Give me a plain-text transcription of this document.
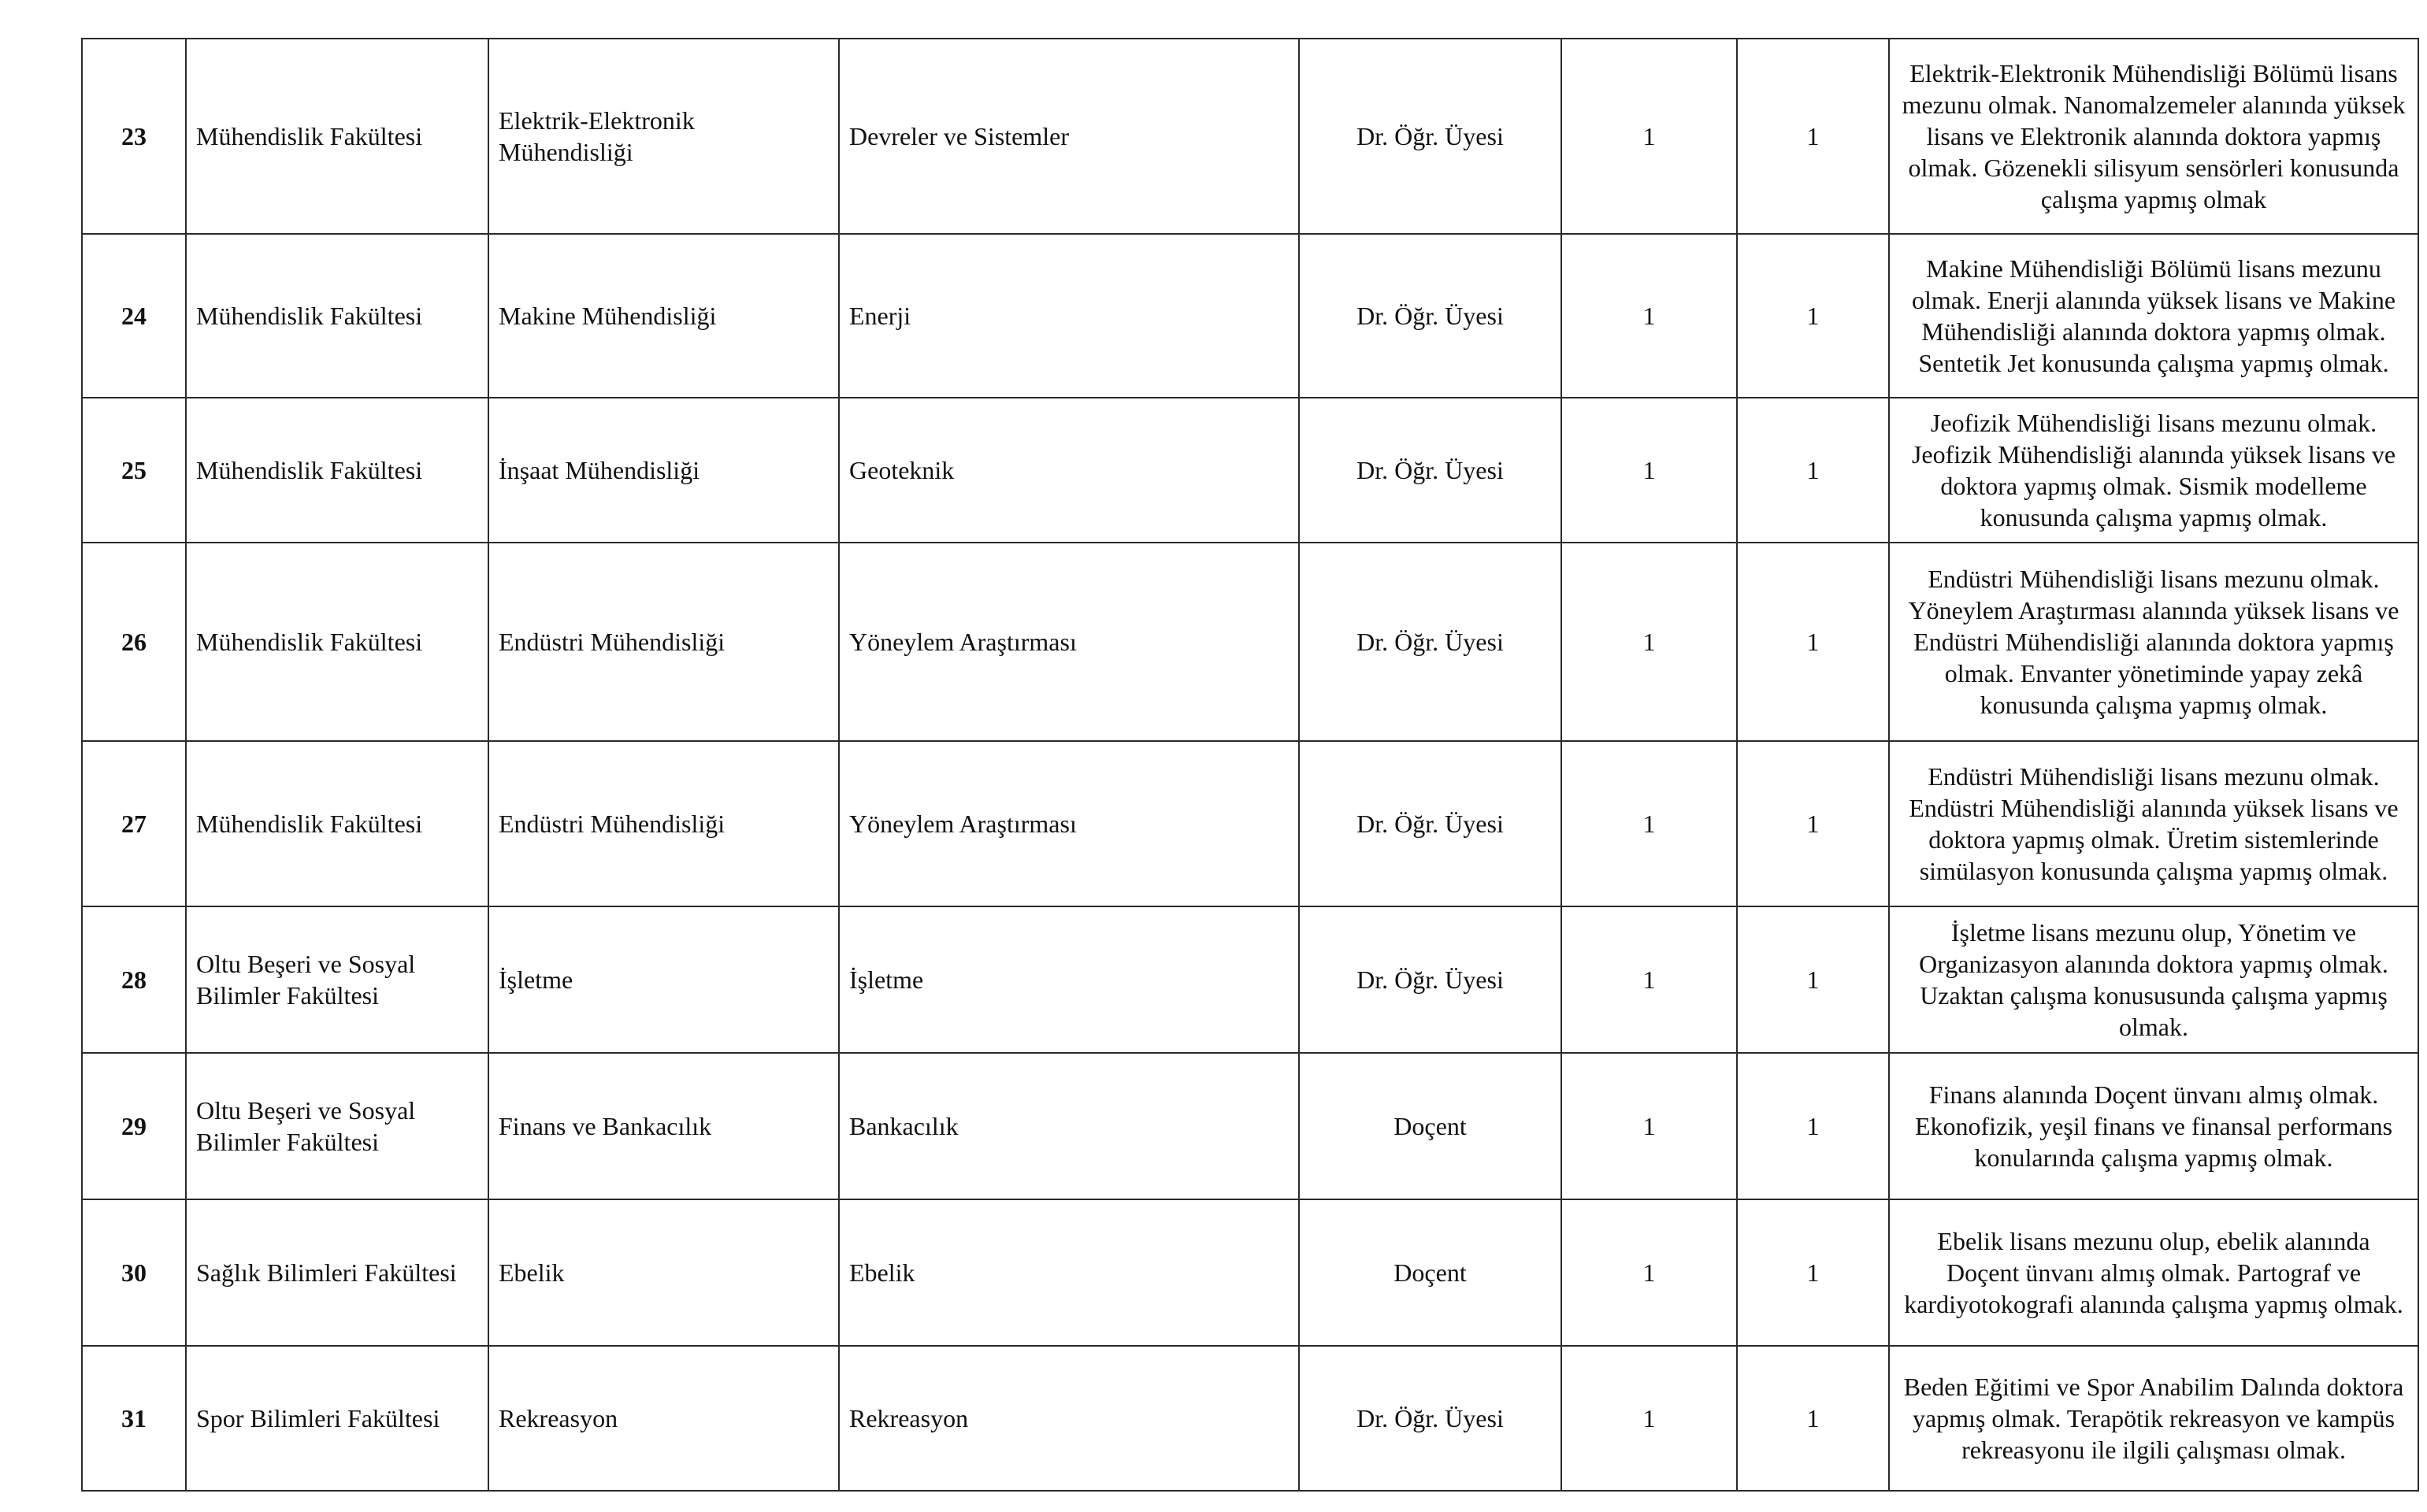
23	Mühendislik Fakültesi	Elektrik-Elektronik Mühendisliği	Devreler ve Sistemler	Dr. Öğr. Üyesi	1	1	Elektrik-Elektronik Mühendisliği Bölümü lisans mezunu olmak. Nanomalzemeler alanında yüksek lisans ve Elektronik alanında doktora yapmış olmak. Gözenekli silisyum sensörleri konusunda çalışma yapmış olmak
24	Mühendislik Fakültesi	Makine Mühendisliği	Enerji	Dr. Öğr. Üyesi	1	1	Makine Mühendisliği Bölümü lisans mezunu olmak. Enerji alanında yüksek lisans ve Makine Mühendisliği alanında doktora yapmış olmak. Sentetik Jet konusunda çalışma yapmış olmak.
25	Mühendislik Fakültesi	İnşaat Mühendisliği	Geoteknik	Dr. Öğr. Üyesi	1	1	Jeofizik Mühendisliği lisans mezunu olmak. Jeofizik Mühendisliği alanında yüksek lisans ve doktora yapmış olmak. Sismik modelleme konusunda çalışma yapmış olmak.
26	Mühendislik Fakültesi	Endüstri Mühendisliği	Yöneylem Araştırması	Dr. Öğr. Üyesi	1	1	Endüstri Mühendisliği lisans mezunu olmak. Yöneylem Araştırması alanında yüksek lisans ve Endüstri Mühendisliği alanında doktora yapmış olmak. Envanter yönetiminde yapay zekâ konusunda çalışma yapmış olmak.
27	Mühendislik Fakültesi	Endüstri Mühendisliği	Yöneylem Araştırması	Dr. Öğr. Üyesi	1	1	Endüstri Mühendisliği lisans mezunu olmak. Endüstri Mühendisliği alanında yüksek lisans ve doktora yapmış olmak. Üretim sistemlerinde simülasyon konusunda çalışma yapmış olmak.
28	Oltu Beşeri ve Sosyal Bilimler Fakültesi	İşletme	İşletme	Dr. Öğr. Üyesi	1	1	İşletme lisans mezunu olup, Yönetim ve Organizasyon alanında doktora yapmış olmak. Uzaktan çalışma konususunda çalışma yapmış olmak.
29	Oltu Beşeri ve Sosyal Bilimler Fakültesi	Finans ve Bankacılık	Bankacılık	Doçent	1	1	Finans alanında Doçent ünvanı almış olmak. Ekonofizik, yeşil finans ve finansal performans konularında çalışma yapmış olmak.
30	Sağlık Bilimleri Fakültesi	Ebelik	Ebelik	Doçent	1	1	Ebelik lisans mezunu olup, ebelik alanında Doçent ünvanı almış olmak. Partograf ve kardiyotokografi alanında çalışma yapmış olmak.
31	Spor Bilimleri Fakültesi	Rekreasyon	Rekreasyon	Dr. Öğr. Üyesi	1	1	Beden Eğitimi ve Spor Anabilim Dalında doktora yapmış olmak. Terapötik rekreasyon ve kampüs rekreasyonu ile ilgili çalışması olmak.
